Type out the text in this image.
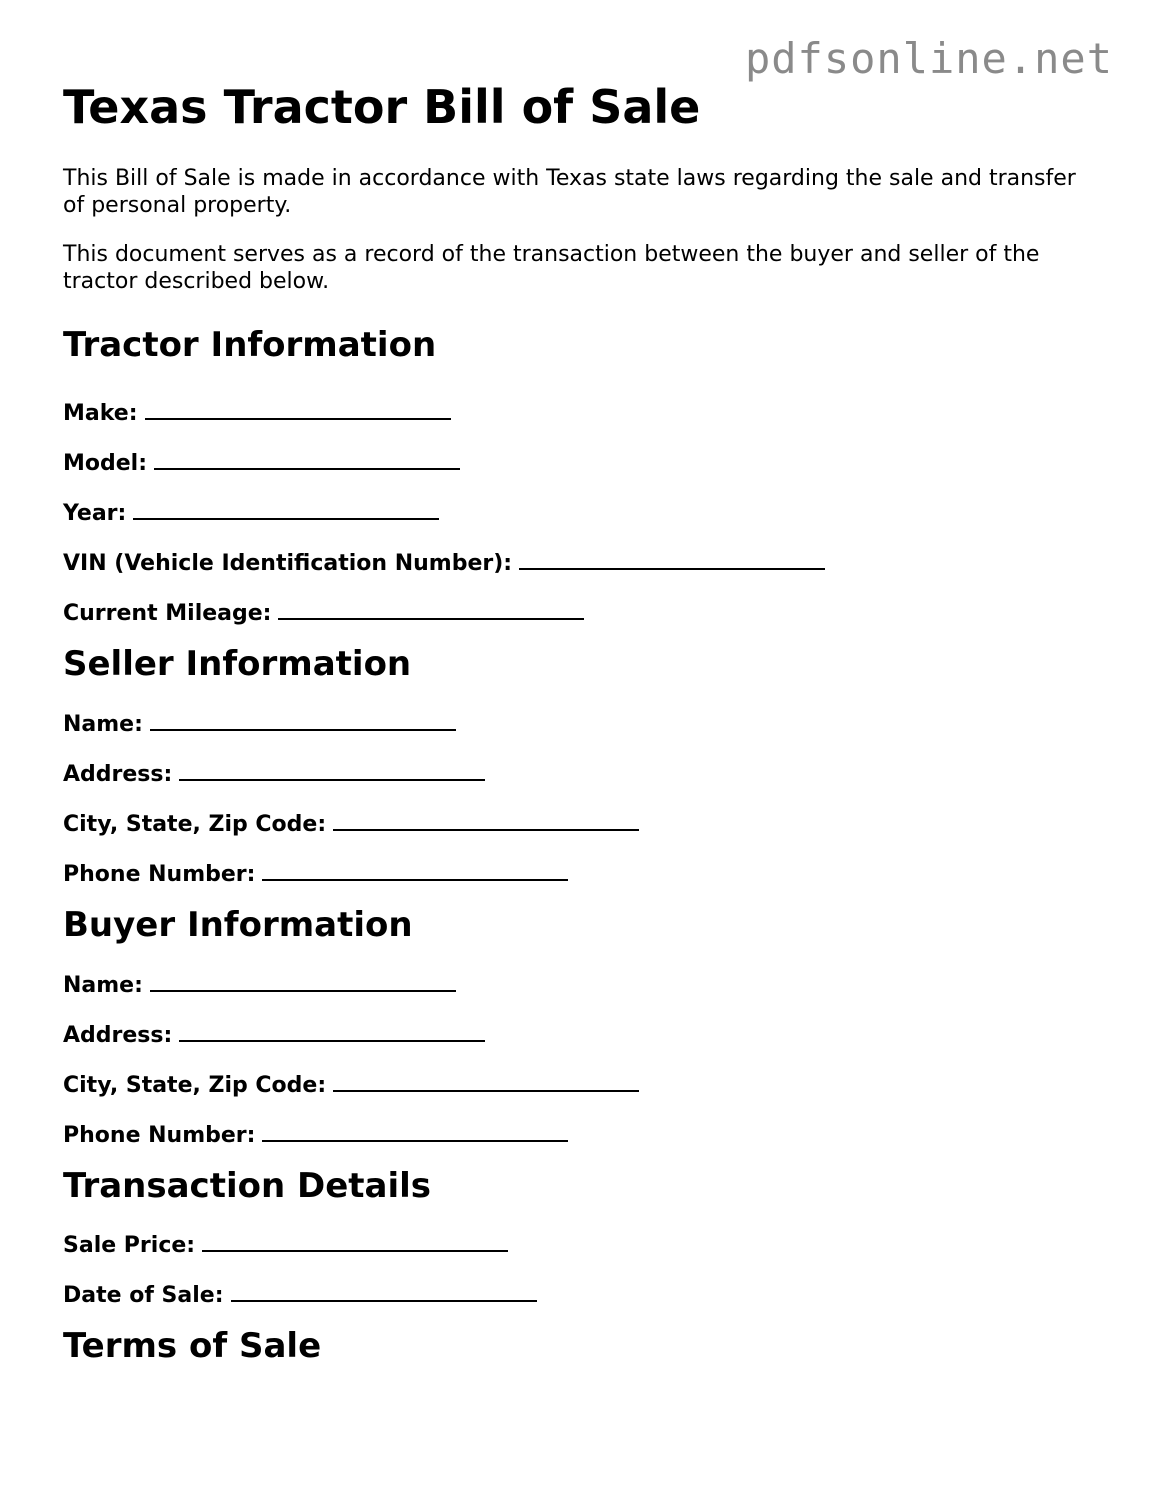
pdfsonline.net
Texas Tractor Bill of Sale

This Bill of Sale is made in accordance with Texas state laws regarding the sale and transfer of personal property.

This document serves as a record of the transaction between the buyer and seller of the tractor described below.

Tractor Information
Make:
Model:
Year:
VIN (Vehicle Identification Number):
Current Mileage:
Seller Information
Name:
Address:
City, State, Zip Code:
Phone Number:
Buyer Information
Name:
Address:
City, State, Zip Code:
Phone Number:
Transaction Details
Sale Price:
Date of Sale:
Terms of Sale
